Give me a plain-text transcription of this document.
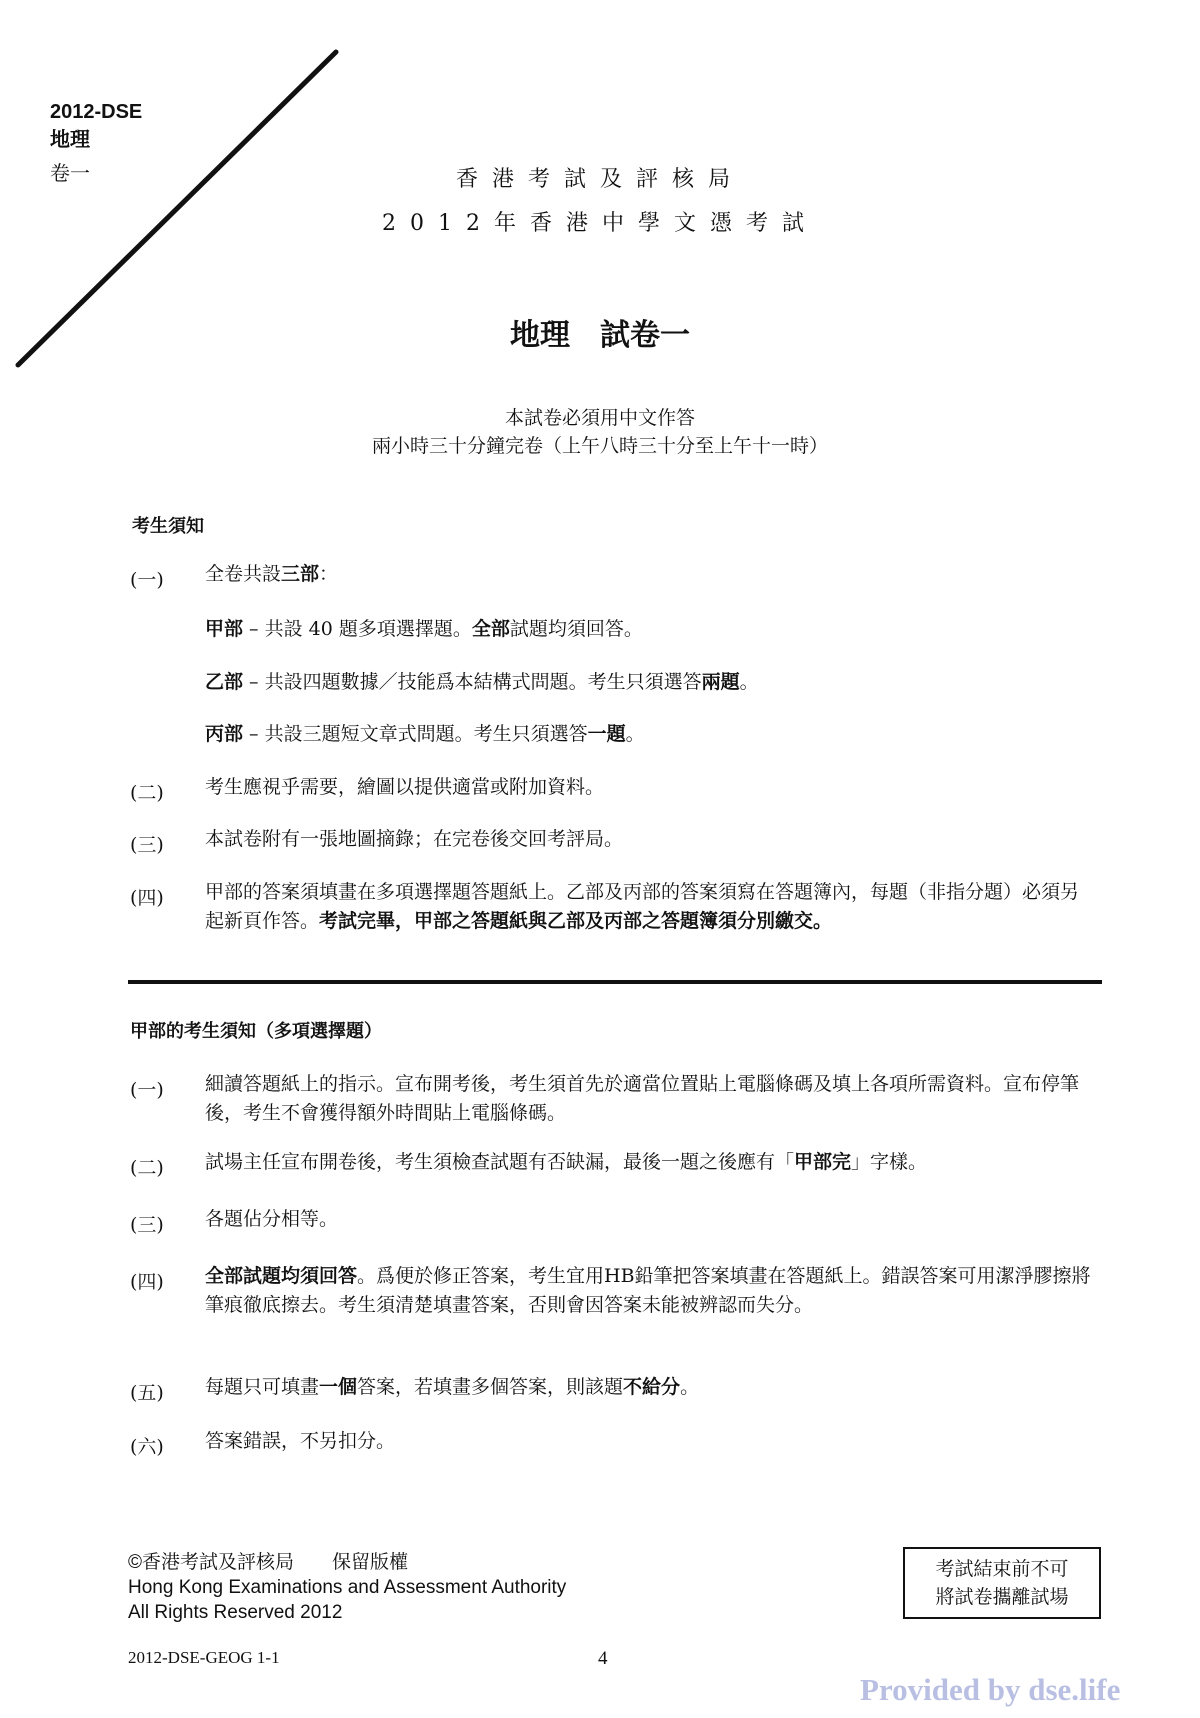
2012-DSE
地理
卷一	香港考試及評核局
2012年香港中學文憑考試
地理　試卷一
本試卷必須用中文作答
兩小時三十分鐘完卷（上午八時三十分至上午十一時）
考生須知
(一) 全卷共設三部：
甲部 – 共設 40 題多項選擇題。全部試題均須回答。
乙部 – 共設四題數據／技能爲本結構式問題。考生只須選答兩題。
丙部 – 共設三題短文章式問題。考生只須選答一題。
(二) 考生應視乎需要，繪圖以提供適當或附加資料。
(三) 本試卷附有一張地圖摘錄；在完卷後交回考評局。
(四) 甲部的答案須填畫在多項選擇題答題紙上。乙部及丙部的答案須寫在答題簿內，每題（非指分題）必須另起新頁作答。考試完畢，甲部之答題紙與乙部及丙部之答題簿須分別繳交。
甲部的考生須知（多項選擇題）
(一) 細讀答題紙上的指示。宣布開考後，考生須首先於適當位置貼上電腦條碼及填上各項所需資料。宣布停筆後，考生不會獲得額外時間貼上電腦條碼。
(二) 試場主任宣布開卷後，考生須檢查試題有否缺漏，最後一題之後應有「甲部完」字樣。
(三) 各題佔分相等。
(四) 全部試題均須回答。爲便於修正答案，考生宜用HB鉛筆把答案填畫在答題紙上。錯誤答案可用潔淨膠擦將筆痕徹底擦去。考生須清楚填畫答案，否則會因答案未能被辨認而失分。
(五) 每題只可填畫一個答案，若填畫多個答案，則該題不給分。
(六) 答案錯誤，不另扣分。
©香港考試及評核局　　保留版權
Hong Kong Examinations and Assessment Authority
All Rights Reserved 2012
考試結束前不可
將試卷攜離試場
2012-DSE-GEOG 1-1	4
Provided by dse.life
